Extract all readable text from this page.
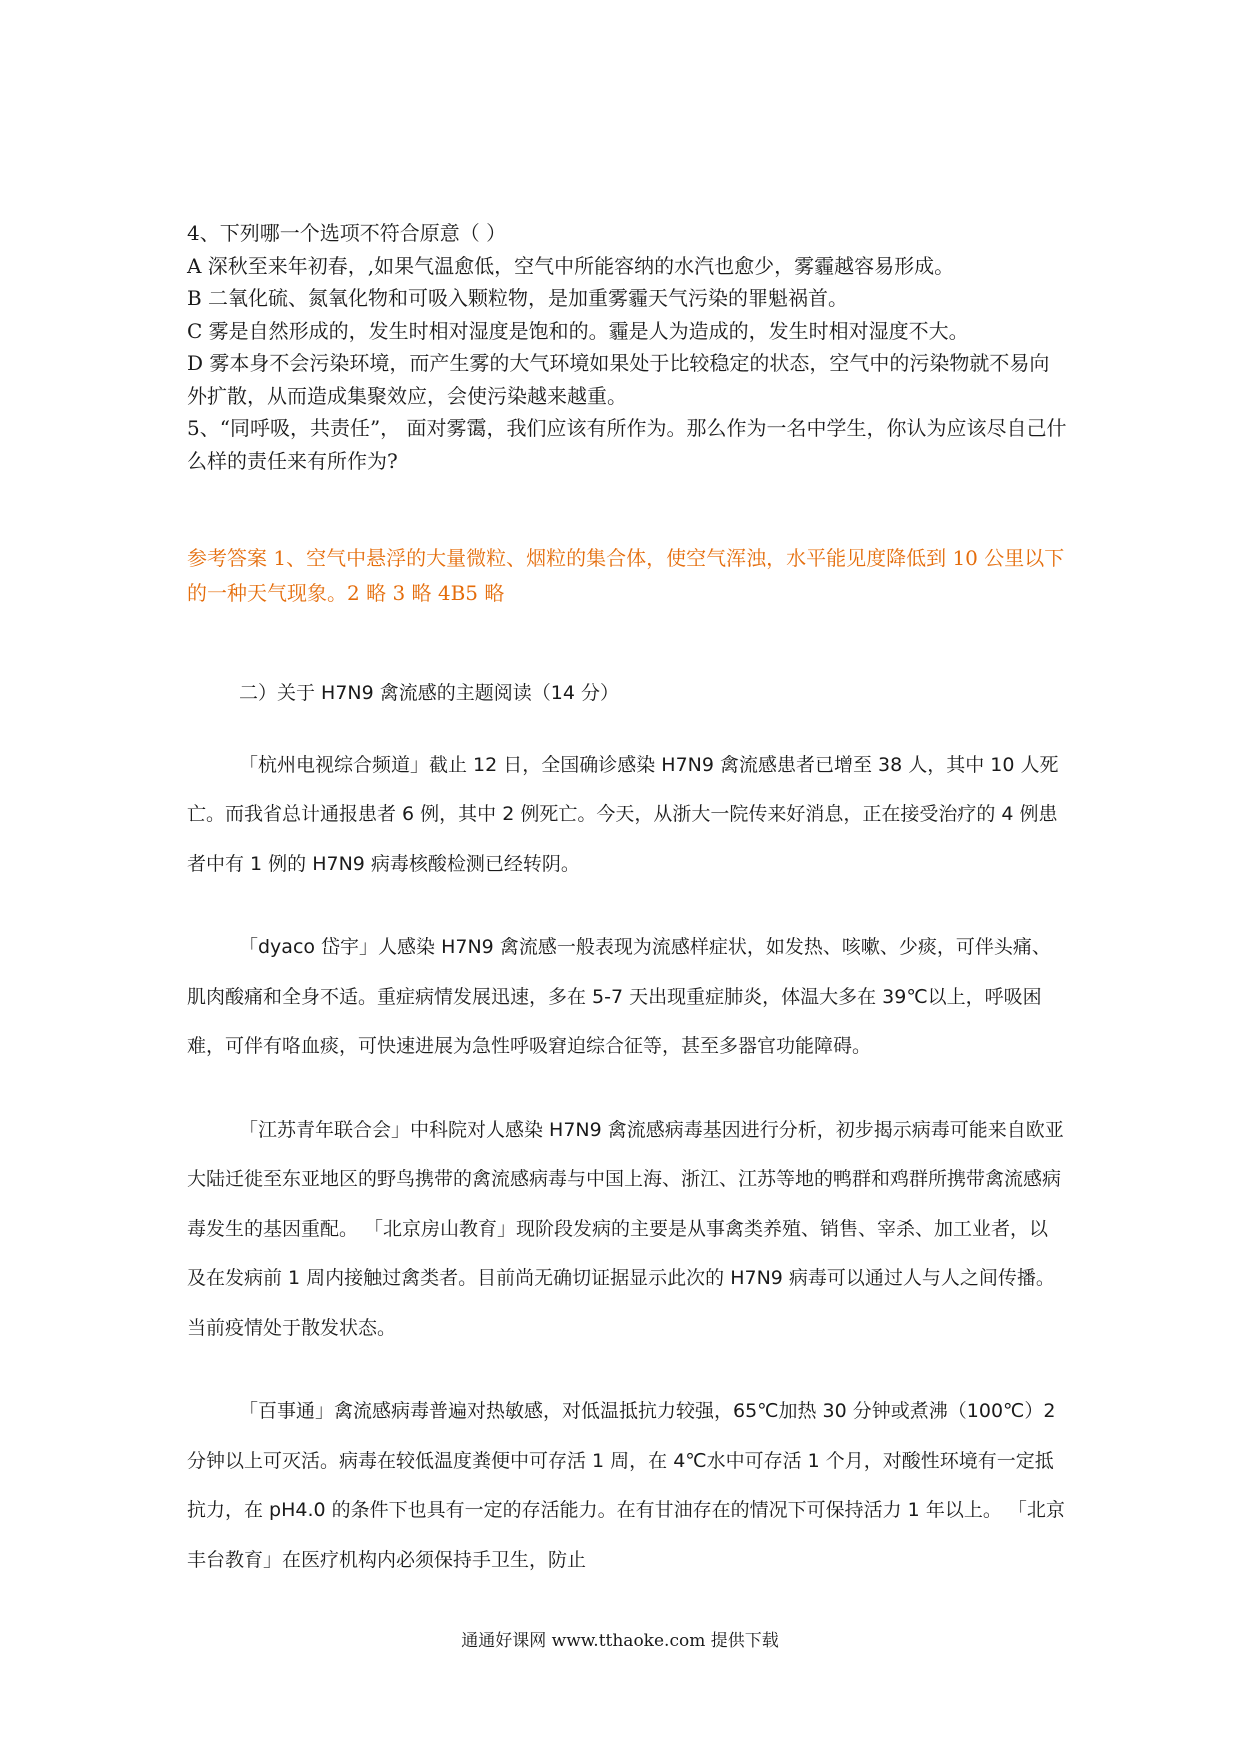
4、下列哪一个选项不符合原意（ ）

A 深秋至来年初春，,如果气温愈低，空气中所能容纳的水汽也愈少，雾霾越容易形成。

B 二氧化硫、氮氧化物和可吸入颗粒物，是加重雾霾天气污染的罪魁祸首。

C 雾是自然形成的，发生时相对湿度是饱和的。霾是人为造成的，发生时相对湿度不大。

D 雾本身不会污染环境，而产生雾的大气环境如果处于比较稳定的状态，空气中的污染物就不易向外扩散，从而造成集聚效应，会使污染越来越重。

5、“同呼吸，共责任”， 面对雾霭，我们应该有所作为。那么作为一名中学生，你认为应该尽自己什么样的责任来有所作为?

参考答案 1、空气中悬浮的大量微粒、烟粒的集合体，使空气浑浊，水平能见度降低到 10 公里以下的一种天气现象。2 略 3 略 4B5 略

二）关于 H7N9 禽流感的主题阅读（14 分）

「杭州电视综合频道」截止 12 日，全国确诊感染 H7N9 禽流感患者已增至 38 人，其中 10 人死亡。而我省总计通报患者 6 例，其中 2 例死亡。今天，从浙大一院传来好消息，正在接受治疗的 4 例患者中有 1 例的 H7N9 病毒核酸检测已经转阴。

「dyaco 岱宇」人感染 H7N9 禽流感一般表现为流感样症状，如发热、咳嗽、少痰，可伴头痛、肌肉酸痛和全身不适。重症病情发展迅速，多在 5-7 天出现重症肺炎，体温大多在 39℃以上，呼吸困难，可伴有咯血痰，可快速进展为急性呼吸窘迫综合征等，甚至多器官功能障碍。

「江苏青年联合会」中科院对人感染 H7N9 禽流感病毒基因进行分析，初步揭示病毒可能来自欧亚大陆迁徙至东亚地区的野鸟携带的禽流感病毒与中国上海、浙江、江苏等地的鸭群和鸡群所携带禽流感病毒发生的基因重配。 「北京房山教育」现阶段发病的主要是从事禽类养殖、销售、宰杀、加工业者，以及在发病前 1 周内接触过禽类者。目前尚无确切证据显示此次的 H7N9 病毒可以通过人与人之间传播。当前疫情处于散发状态。

「百事通」禽流感病毒普遍对热敏感，对低温抵抗力较强，65℃加热 30 分钟或煮沸（100℃）2 分钟以上可灭活。病毒在较低温度粪便中可存活 1 周，在 4℃水中可存活 1 个月，对酸性环境有一定抵抗力，在 pH4.0 的条件下也具有一定的存活能力。在有甘油存在的情况下可保持活力 1 年以上。 「北京丰台教育」在医疗机构内必须保持手卫生，防止

通通好课网 www.tthaoke.com 提供下载
